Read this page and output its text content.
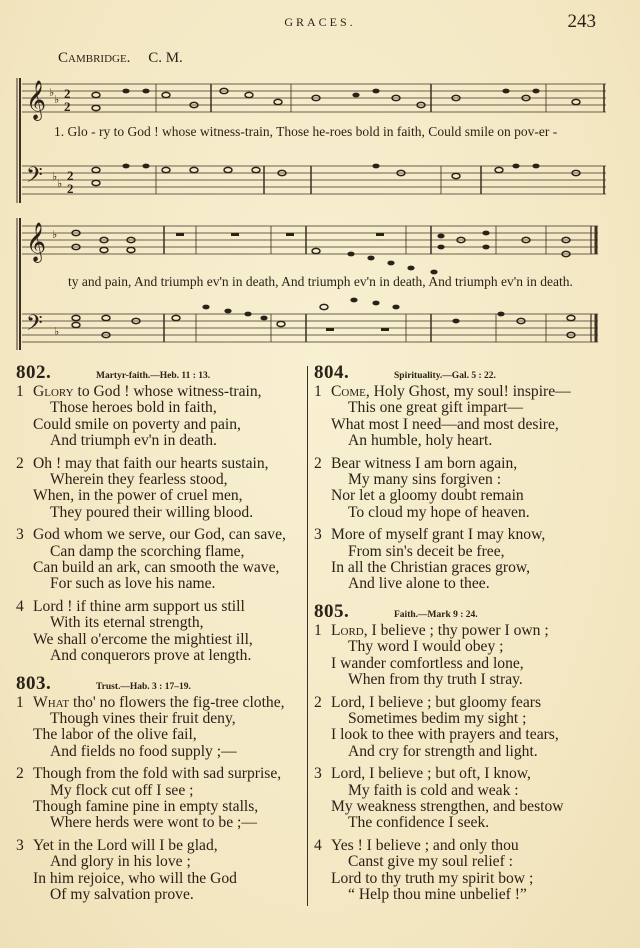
GRACES.	243
Cambridge. C. M.
𝄞
𝄢
♭
♭
♭
♭
2
2
2
2
1. Glo - ry to God ! whose witness-train, Those he-roes bold in faith, Could smile on pov-er -
𝄞
𝄢
♭
♭
ty and pain, And triumph ev'n in death, And triumph ev'n in death, And triumph ev'n in death.
802.	Martyr-faith.—Heb. 11 : 13.
1 Glory to God ! whose witness-train,
Those heroes bold in faith,
Could smile on poverty and pain,
And triumph ev'n in death.
2 Oh ! may that faith our hearts sustain,
Wherein they fearless stood,
When, in the power of cruel men,
They poured their willing blood.
3 God whom we serve, our God, can save,
Can damp the scorching flame,
Can build an ark, can smooth the wave,
For such as love his name.
4 Lord ! if thine arm support us still
With its eternal strength,
We shall o'ercome the mightiest ill,
And conquerors prove at length.
803.	Trust.—Hab. 3 : 17–19.
1 What tho' no flowers the fig-tree clothe,
Though vines their fruit deny,
The labor of the olive fail,
And fields no food supply ;—
2 Though from the fold with sad surprise,
My flock cut off I see ;
Though famine pine in empty stalls,
Where herds were wont to be ;—
3 Yet in the Lord will I be glad,
And glory in his love ;
In him rejoice, who will the God
Of my salvation prove.
804.	Spirituality.—Gal. 5 : 22.
1 Come, Holy Ghost, my soul! inspire—
This one great gift impart—
What most I need—and most desire,
An humble, holy heart.
2 Bear witness I am born again,
My many sins forgiven :
Nor let a gloomy doubt remain
To cloud my hope of heaven.
3 More of myself grant I may know,
From sin's deceit be free,
In all the Christian graces grow,
And live alone to thee.
805.	Faith.—Mark 9 : 24.
1 Lord, I believe ; thy power I own ;
Thy word I would obey ;
I wander comfortless and lone,
When from thy truth I stray.
2 Lord, I believe ; but gloomy fears
Sometimes bedim my sight ;
I look to thee with prayers and tears,
And cry for strength and light.
3 Lord, I believe ; but oft, I know,
My faith is cold and weak :
My weakness strengthen, and bestow
The confidence I seek.
4 Yes ! I believe ; and only thou
Canst give my soul relief :
Lord to thy truth my spirit bow ;
“ Help thou mine unbelief !”
